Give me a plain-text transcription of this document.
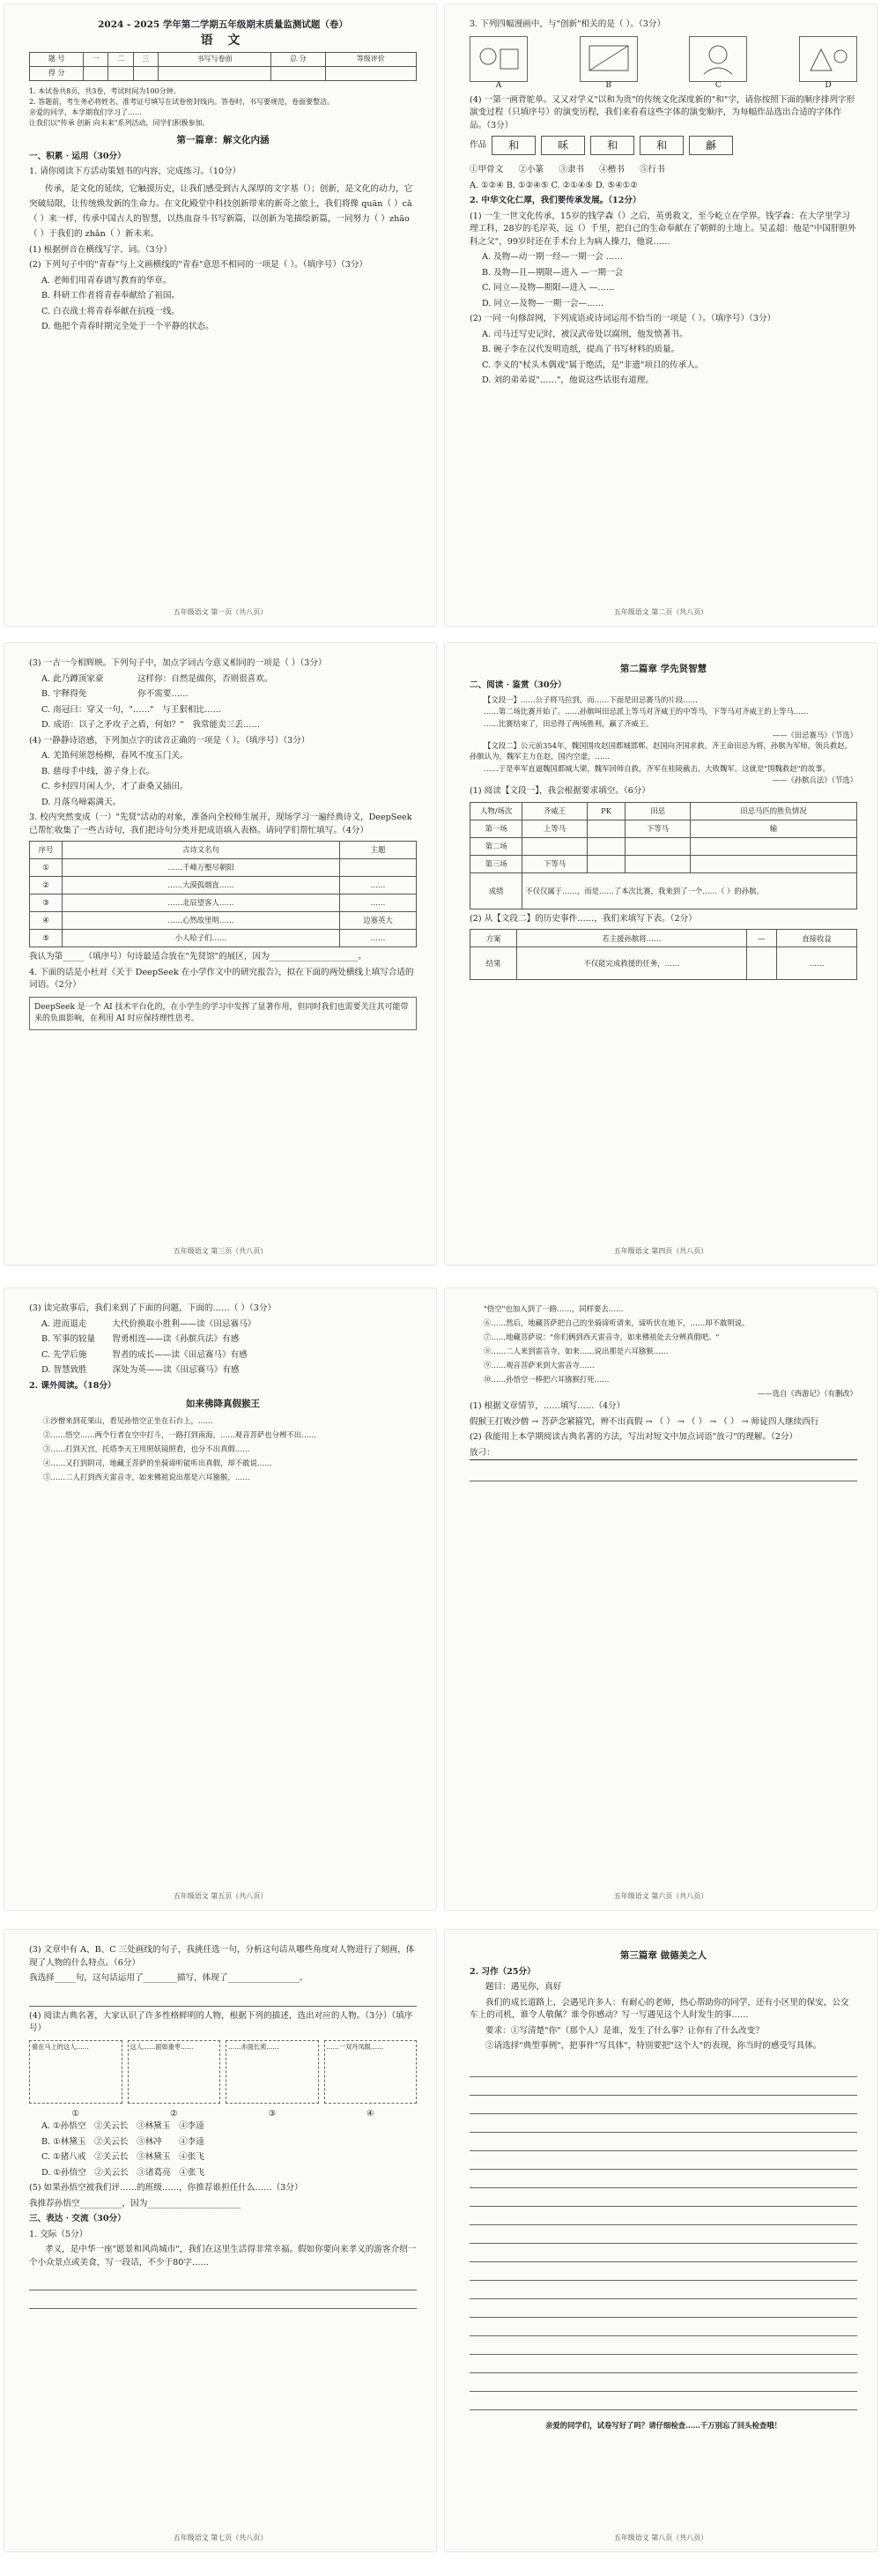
2024 - 2025 学年第二学期五年级期末质量监测试题（卷）
语 文
题 号	一	二	三	书写与卷面	总 分	等级评价
得 分						
1. 本试卷共8页，共3卷，考试时间为100分钟。
2. 答题前，考生务必将姓名、准考证号填写在试卷密封线内。答卷时，书写要规范，卷面要整洁。
亲爱的同学，本学期我们学习了……
让我们以"传承 创新 向未来"系列活动，同学们积极参加。
第一篇章：解文化内涵
一、积累 · 运用（30分）

1. 请你阅读下方活动策划书的内容，完成练习。（10分）

传承，是文化的延续，它触摸历史，让我们感受到古人深厚的文字基（）；创新，是文化的动力，它突破局限，让传统焕发新的生命力。在文化殿堂中科技创新带来的新奇之旅上，我们将像 quān（ ）cǎ（ ）来一样，传承中国古人的智慧，以热血奋斗书写新篇，以创新为笔描绘新篇，一同努力（ ）zhāo（ ）于我们的 zhǎn（ ）新未来。

(1) 根据拼音在横线写字、词。（3分）

(2) 下列句子中的"青春"与上文画横线的"青春"意思不相同的一项是（ ）。（填序号）（3分）

A. 老师们用青春谱写教育的华章。

B. 科研工作者将青春奉献给了祖国。

C. 白衣战士将青春奉献在抗疫一线。

D. 他把个青春时期完全处于一个平静的状态。

五年级语文 第一页（共八页）

3. 下列四幅漫画中，与"创新"相关的是（ ）。（3分）

A	B	C	D

(4) 一第一画背鸵单。又又对学义"以和为贵"的传统文化深度新的"和"字，请你按照下面的顺序排列字形演变过程（只填序号）的演变历程，我们来看看这些字体的演变顺序，为每幅作品选出合适的字体作品。（3分）

作品	和	咊	和	和	龢

①甲骨文 ②小篆 ③隶书 ④楷书 ⑤行书

A. ①②④ B. ①②④⑤ C. ②①④⑤ D. ⑤④①②

2. 中华文化仁厚，我们要传承发展。（12分）

(1) 一生一世文化传承，15岁的钱学森（）之后，英勇救文，至今屹立在学界。钱学森：在大学里学习理工科，28岁的毛岸英，远（）千里，把自己的生命奉献在了朝鲜的土地上。吴孟超：他是"中国肝胆外科之父"，99岁时还在手术台上为病人操刀，他说……

A. 及物—动一期一经—一期一会 ……

B. 及物—且—期限—进入 —一期一会

C. 同立—及物—期限—进入 —……

D. 同立—及物—一期一会—……

(2) 一同一句修辞网，下列成语或诗词运用不恰当的一项是（ ）。（填序号）（3分）

A. 司马迁写史记时，被汉武帝处以腐刑，他发愤著书。

B. 碗子李在汉代发明造纸，提高了书写材料的质量。

C. 李义的"杖头木偶戏"属于绝活，是"非遗"项目的传承人。

D. 刘的弟弟说"……"，他说这些话很有道理。

五年级语文 第二页（共八页）

(3) 一古一今相辉映。下列句子中，加点字词古今意义相同的一项是（ ）（3分）

A. 此乃蹲顶家豪　　　　这样你：自然是做你，否则很喜欢。

B. 宇释得免　　　　　　你不需要……

C. 南冠曰：穿又一句，"……"　与王狠相比……

D. 成语：以子之矛攻子之盾，何如？"　我常能卖三丢……

(4) 一静静诗语感，下列加点字的读音正确的一项是（ ）。（填序号）（3分）

A. 羌笛何须怨杨柳，春风不度玉门关。

B. 慈母手中线，游子身上衣。

C. 乡村四月闲人少，才了蚕桑又插田。

D. 月落乌啼霜满天。

3. 校内突然变成（一）"先贤"活动的对象，准备向全校师生展开，现场学习一遍经典诗文，DeepSeek 已帮忙收集了一些古诗句，我们把诗句分类并把成语填入表格。请同学们帮忙填写。（4分）

序号	古诗文名句	主题
①	……千峰万壑尽朝阳	
②	……大漠孤烟直……	……
③	……北辰望客人……	……
④	……心然故里明……	边塞英大
⑤	小人哈子们……	……

我认为第_____（填序号）句诗最适合放在"先贤馆"的展区，因为_____________________。

4. 下面的话是小杜对《关于 DeepSeek 在小学作文中的研究报告》，拟在下面的两处横线上填写合适的词语。（2分）

DeepSeek 是一个 AI 技术平台化的，在小学生的学习中发挥了显著作用，但同时我们也需要关注其可能带来的负面影响，在利用 AI 时应保持理性思考。
五年级语文 第三页（共八页）
第二篇章 学先贤智慧
二、阅读 · 鉴赏（30分）

【文段一】……公子将马拉到，而……下面是田忌赛马的片段……

……第二场比赛开始了。……孙膑叫田忌派上等马对齐威王的中等马，下等马对齐威王的上等马……

……比赛结束了，田忌得了两场胜利，赢了齐威王。

——《田忌赛马》（节选）

【文段二】公元前354年，魏国围攻赵国都城邯郸。赵国向齐国求救。齐王命田忌为将，孙膑为军师，领兵救赵。孙膑认为，魏军主力在赵，国内空虚，……

……于是率军直逼魏国都城大梁，魏军回师自救，齐军在桂陵截击，大败魏军。这就是"围魏救赵"的故事。

——《孙膑兵法》（节选）

(1) 阅读【文段一】，我会根据要求填空。（6分）

人物/场次	齐威王	PK	田忌	田忌马匹的胜负情况
第一场	上等马		下等马	输
第二场				
第三场	下等马			
成绩	不仅仅属于……，而是……了本次比赛，我来到了一个……（ ）的孙膑。			

(2) 从【文段二】的历史事件……，我们来填写下表。（2分）

方案	若主援孙膑将……	—	直接收益
结果	不仅能完成救援的任务，……		……
五年级语文 第四页（共八页）

(3) 读完故事后，我们来到了下面的问题，下面的……（ ）（3分）

A. 进而退走　　　大代价换取小胜利——读《田忌赛马》

B. 军事的较量　　智勇相连——读《孙膑兵法》有感

C. 先学后施　　　智者的成长——读《田忌赛马》有感

D. 智慧致胜　　　深处为英——读《田忌赛马》有感

2. 课外阅读。（18分）

如来佛降真假猴王

①沙僧来到花果山，看见孙悟空正坐在石台上，……

②……悟空……两个行者在空中打斗，一路打到南海，……观音菩萨也分辨不出……

③……打到天宫，托塔李天王用照妖镜照看，也分不出真假……

④……又打到阴司，地藏王菩萨的坐骑谛听能听出真假，却不敢说……

⑤……二人打到西天雷音寺，如来佛祖说出那是六耳猕猴，……

五年级语文 第五页（共八页）

"悟空"也加入到了一路……，同样要去……

⑥……然后，地藏菩萨把自己的坐骑谛听请来，谛听伏在地下，……却不敢明说。

⑦……地藏菩萨说："你们俩到西天雷音寺，如来佛祖处去分辨真假吧。"

⑧……二人来到雷音寺，如来……说出那是六耳猕猴……

⑨……观音菩萨来到大雷音寺……

⑩……孙悟空一棒把六耳猕猴打死……

——选自《西游记》（有删改）

(1) 根据文章情节，……填写……（4分）

假猴王打败沙僧 → 菩萨念紧箍咒，辨不出真假 → （ ） → （ ） → （ ） → 师徒四人继续西行

(2) 我能用上本学期阅读古典名著的方法，写出对短文中加点词语"放刁"的理解。（2分）

放刁：

五年级语文 第六页（共八页）

(3) 文章中有 A、B、C 三处画线的句子，我挑任选一句，分析这句话从哪些角度对人物进行了刻画，体现了人物的什么特点。（6分）

我选择_____句，这句话运用了________描写，体现了_________________。

(4) 阅读古典名著，大家认识了许多性格鲜明的人物，根据下列的描述，选出对应的人物。（3分）（填序号）

骑在马上的这人……	这人……面如重枣……	……赤面长须……	……一双丹凤眼……
①	②	③	④

A. ①孙悟空　②关云长　③林黛玉　④李逵

B. ①林黛玉　②关云长　③林冲　　④李逵

C. ①猪八戒　②关云长　③林黛玉　④张飞

D. ①孙悟空　②关云长　③诸葛亮　④张飞

(5) 如果孙悟空被我们评……的班级……，你推荐谁担任什么……（3分）

我推荐孙悟空__________，因为______________________

三、表达 · 交流（30分）

1. 交际（5分）

孝义，是中华一座"愿景和风尚城市"，我们在这里生活得非常幸福。假如你要向来孝义的游客介绍一个小众景点或美食，写一段话，不少于80字……

五年级语文 第七页（共八页）
第三篇章 做德美之人

2. 习作（25分）

题目：遇见你，真好

我们的成长道路上，会遇见许多人：有耐心的老师，热心帮助你的同学，还有小区里的保安，公交车上的司机，谁令人敬佩？谁令你感动？写一写遇见这个人时发生的事……

要求：①写清楚"你"（那个人）是谁，发生了什么事？让你有了什么改变？

②请选择"典型事例"，把事件"写具体"，特别要把"这个人"的表现，你当时的感受写具体。

亲爱的同学们，试卷写好了吗？请仔细检查……千万别忘了回头检查哦！

五年级语文 第八页（共八页）
